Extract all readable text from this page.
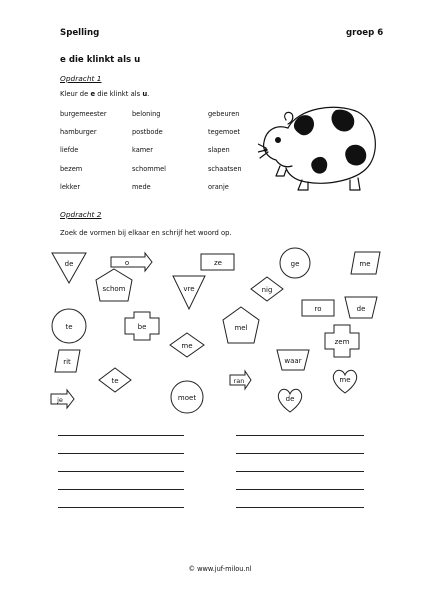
Spelling	groep 6
e die klinkt als u
Opdracht 1
Kleur de e die klinkt als u.
burgemeester	beloning	gebeuren
hamburger	postbode	tegemoet
liefde	kamer	slapen
bezem	schommel	schaatsen
lekker	mede	oranje
Opdracht 2
Zoek de vormen bij elkaar en schrijf het woord op.
de	o	ze	ge	me
schom	vre	nig
ro	de
te	be	mel
me	zem
rit	waar
te	ran	me
je	moet	de
© www.juf-milou.nl
